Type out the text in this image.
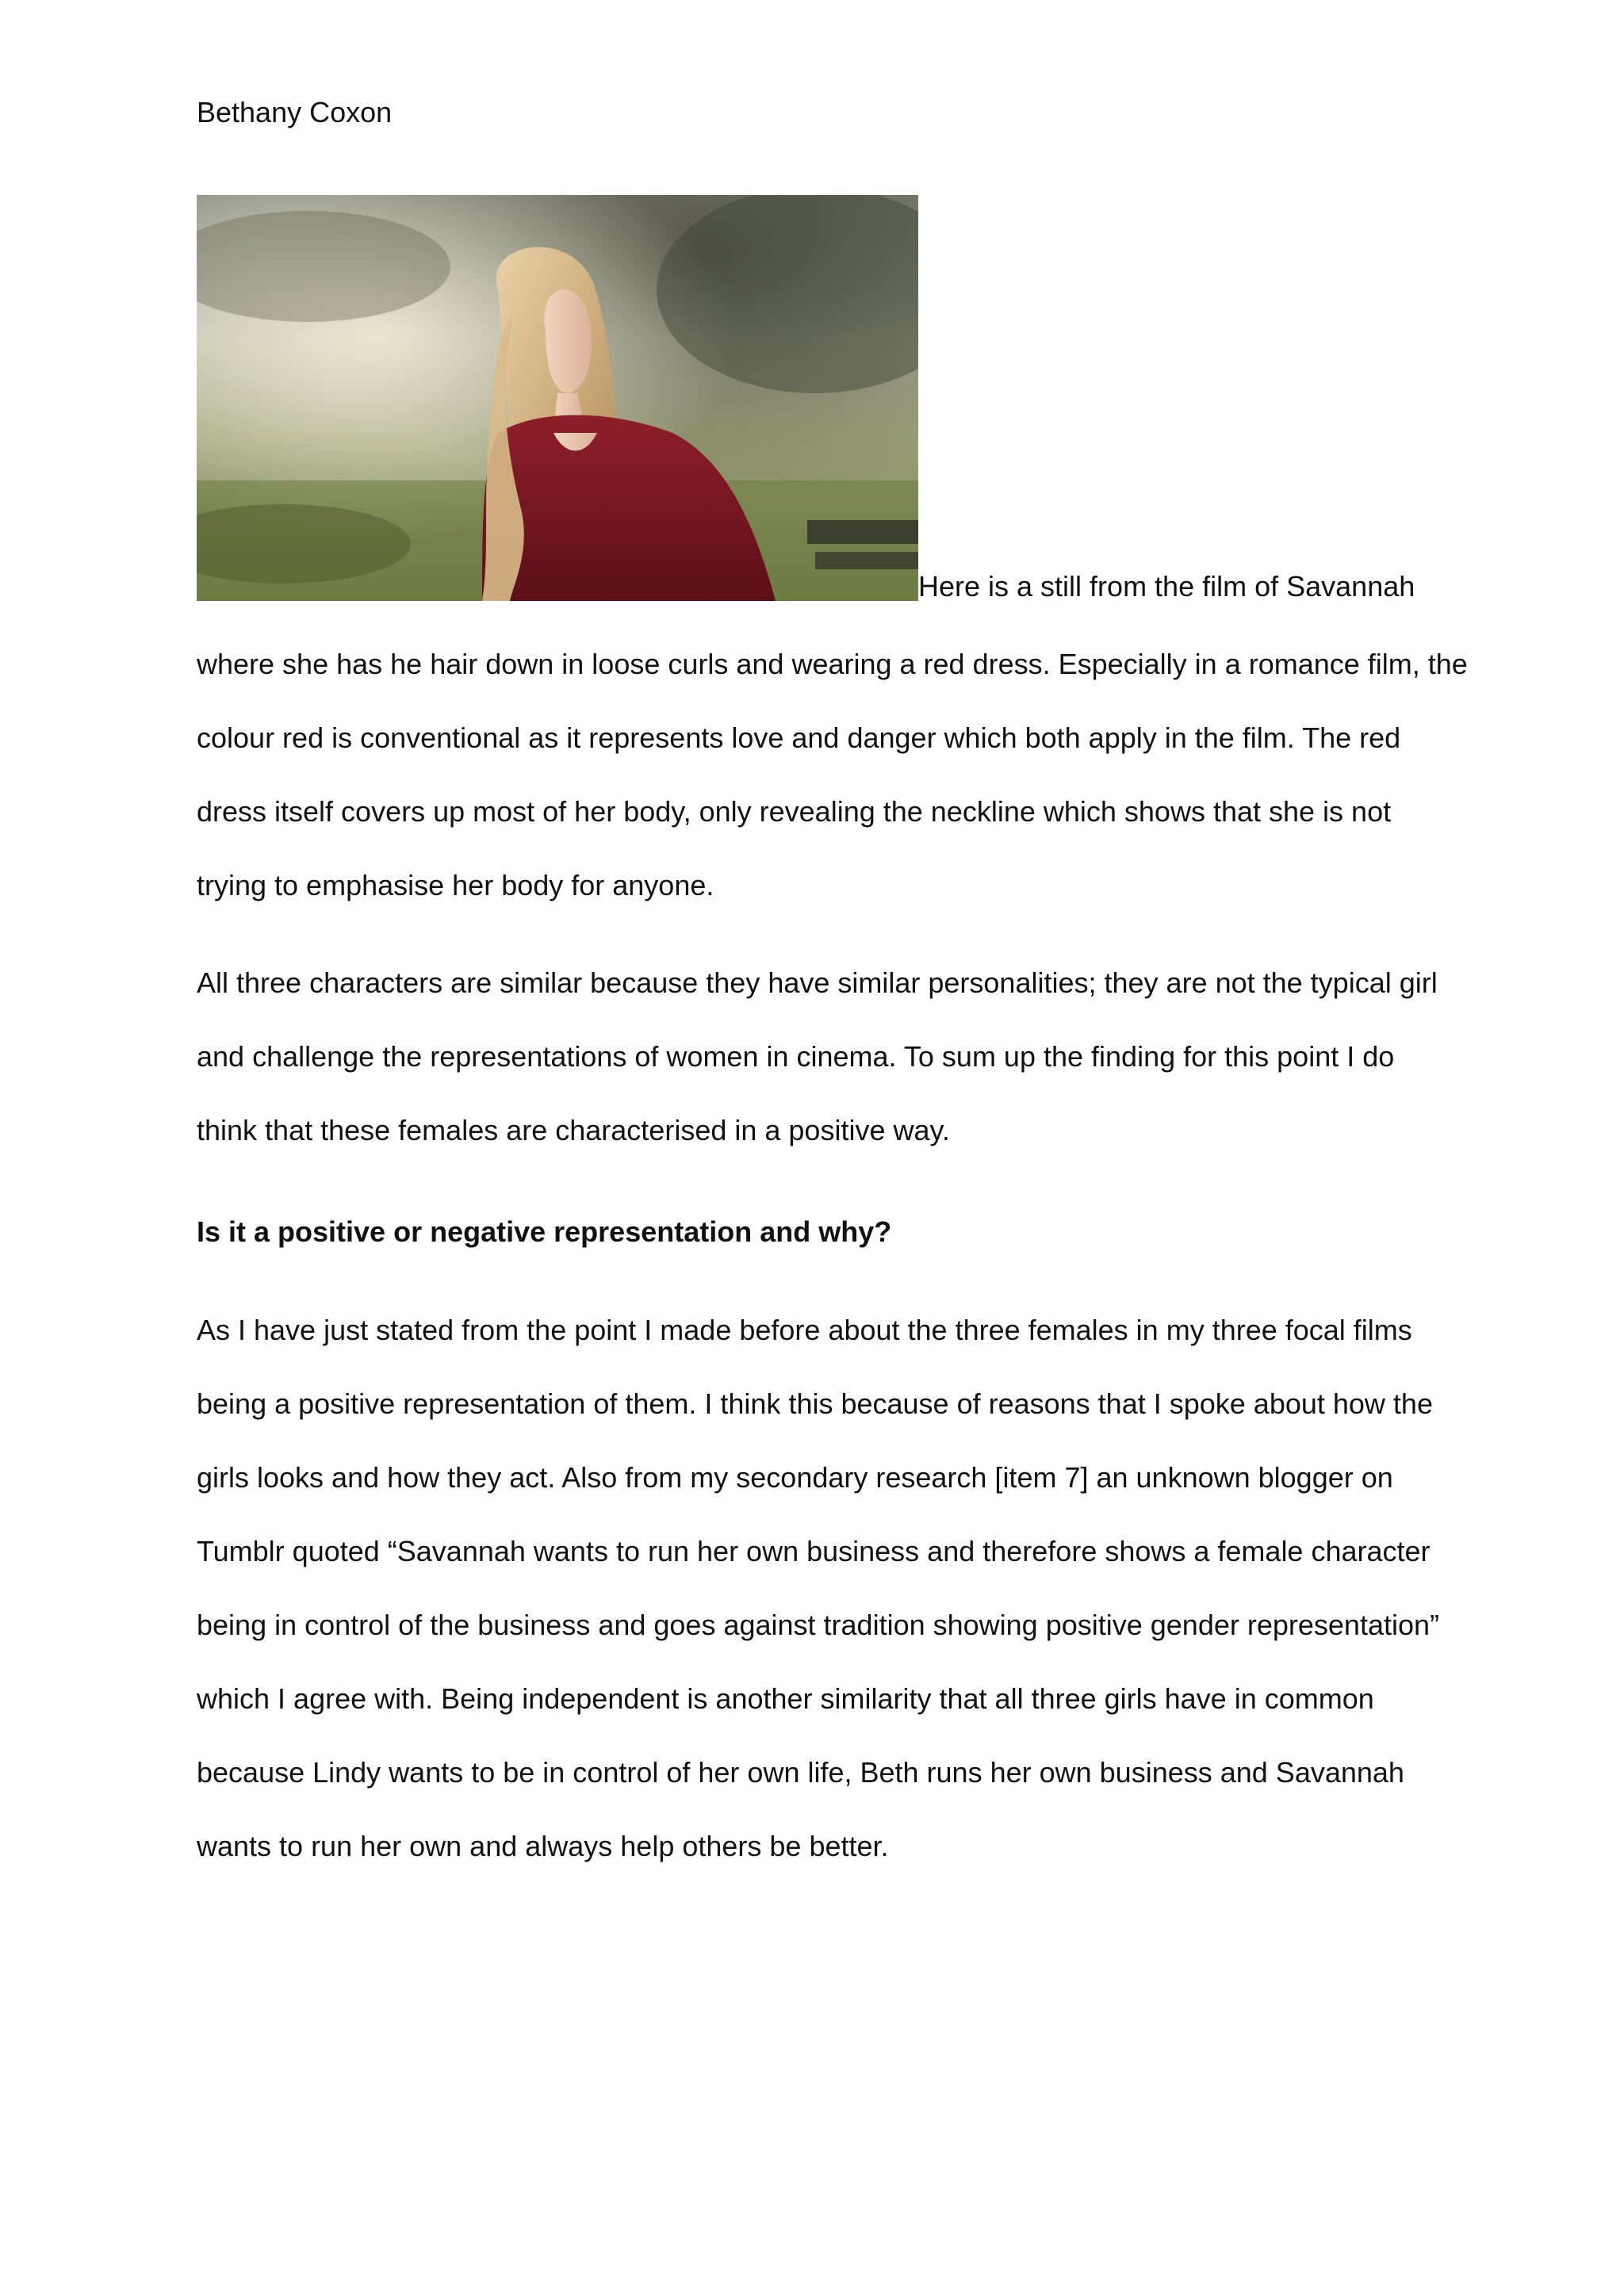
Bethany Coxon
Here is a still from the film of Savannah
where she has he hair down in loose curls and wearing a red dress. Especially in a romance film, the
colour red is conventional as it represents love and danger which both apply in the film. The red
dress itself covers up most of her body, only revealing the neckline which shows that she is not
trying to emphasise her body for anyone.
All three characters are similar because they have similar personalities; they are not the typical girl
and challenge the representations of women in cinema. To sum up the finding for this point I do
think that these females are characterised in a positive way.
Is it a positive or negative representation and why?
As I have just stated from the point I made before about the three females in my three focal films
being a positive representation of them. I think this because of reasons that I spoke about how the
girls looks and how they act. Also from my secondary research [item 7] an unknown blogger on
Tumblr quoted “Savannah wants to run her own business and therefore shows a female character
being in control of the business and goes against tradition showing positive gender representation”
which I agree with. Being independent is another similarity that all three girls have in common
because Lindy wants to be in control of her own life, Beth runs her own business and Savannah
wants to run her own and always help others be better.
